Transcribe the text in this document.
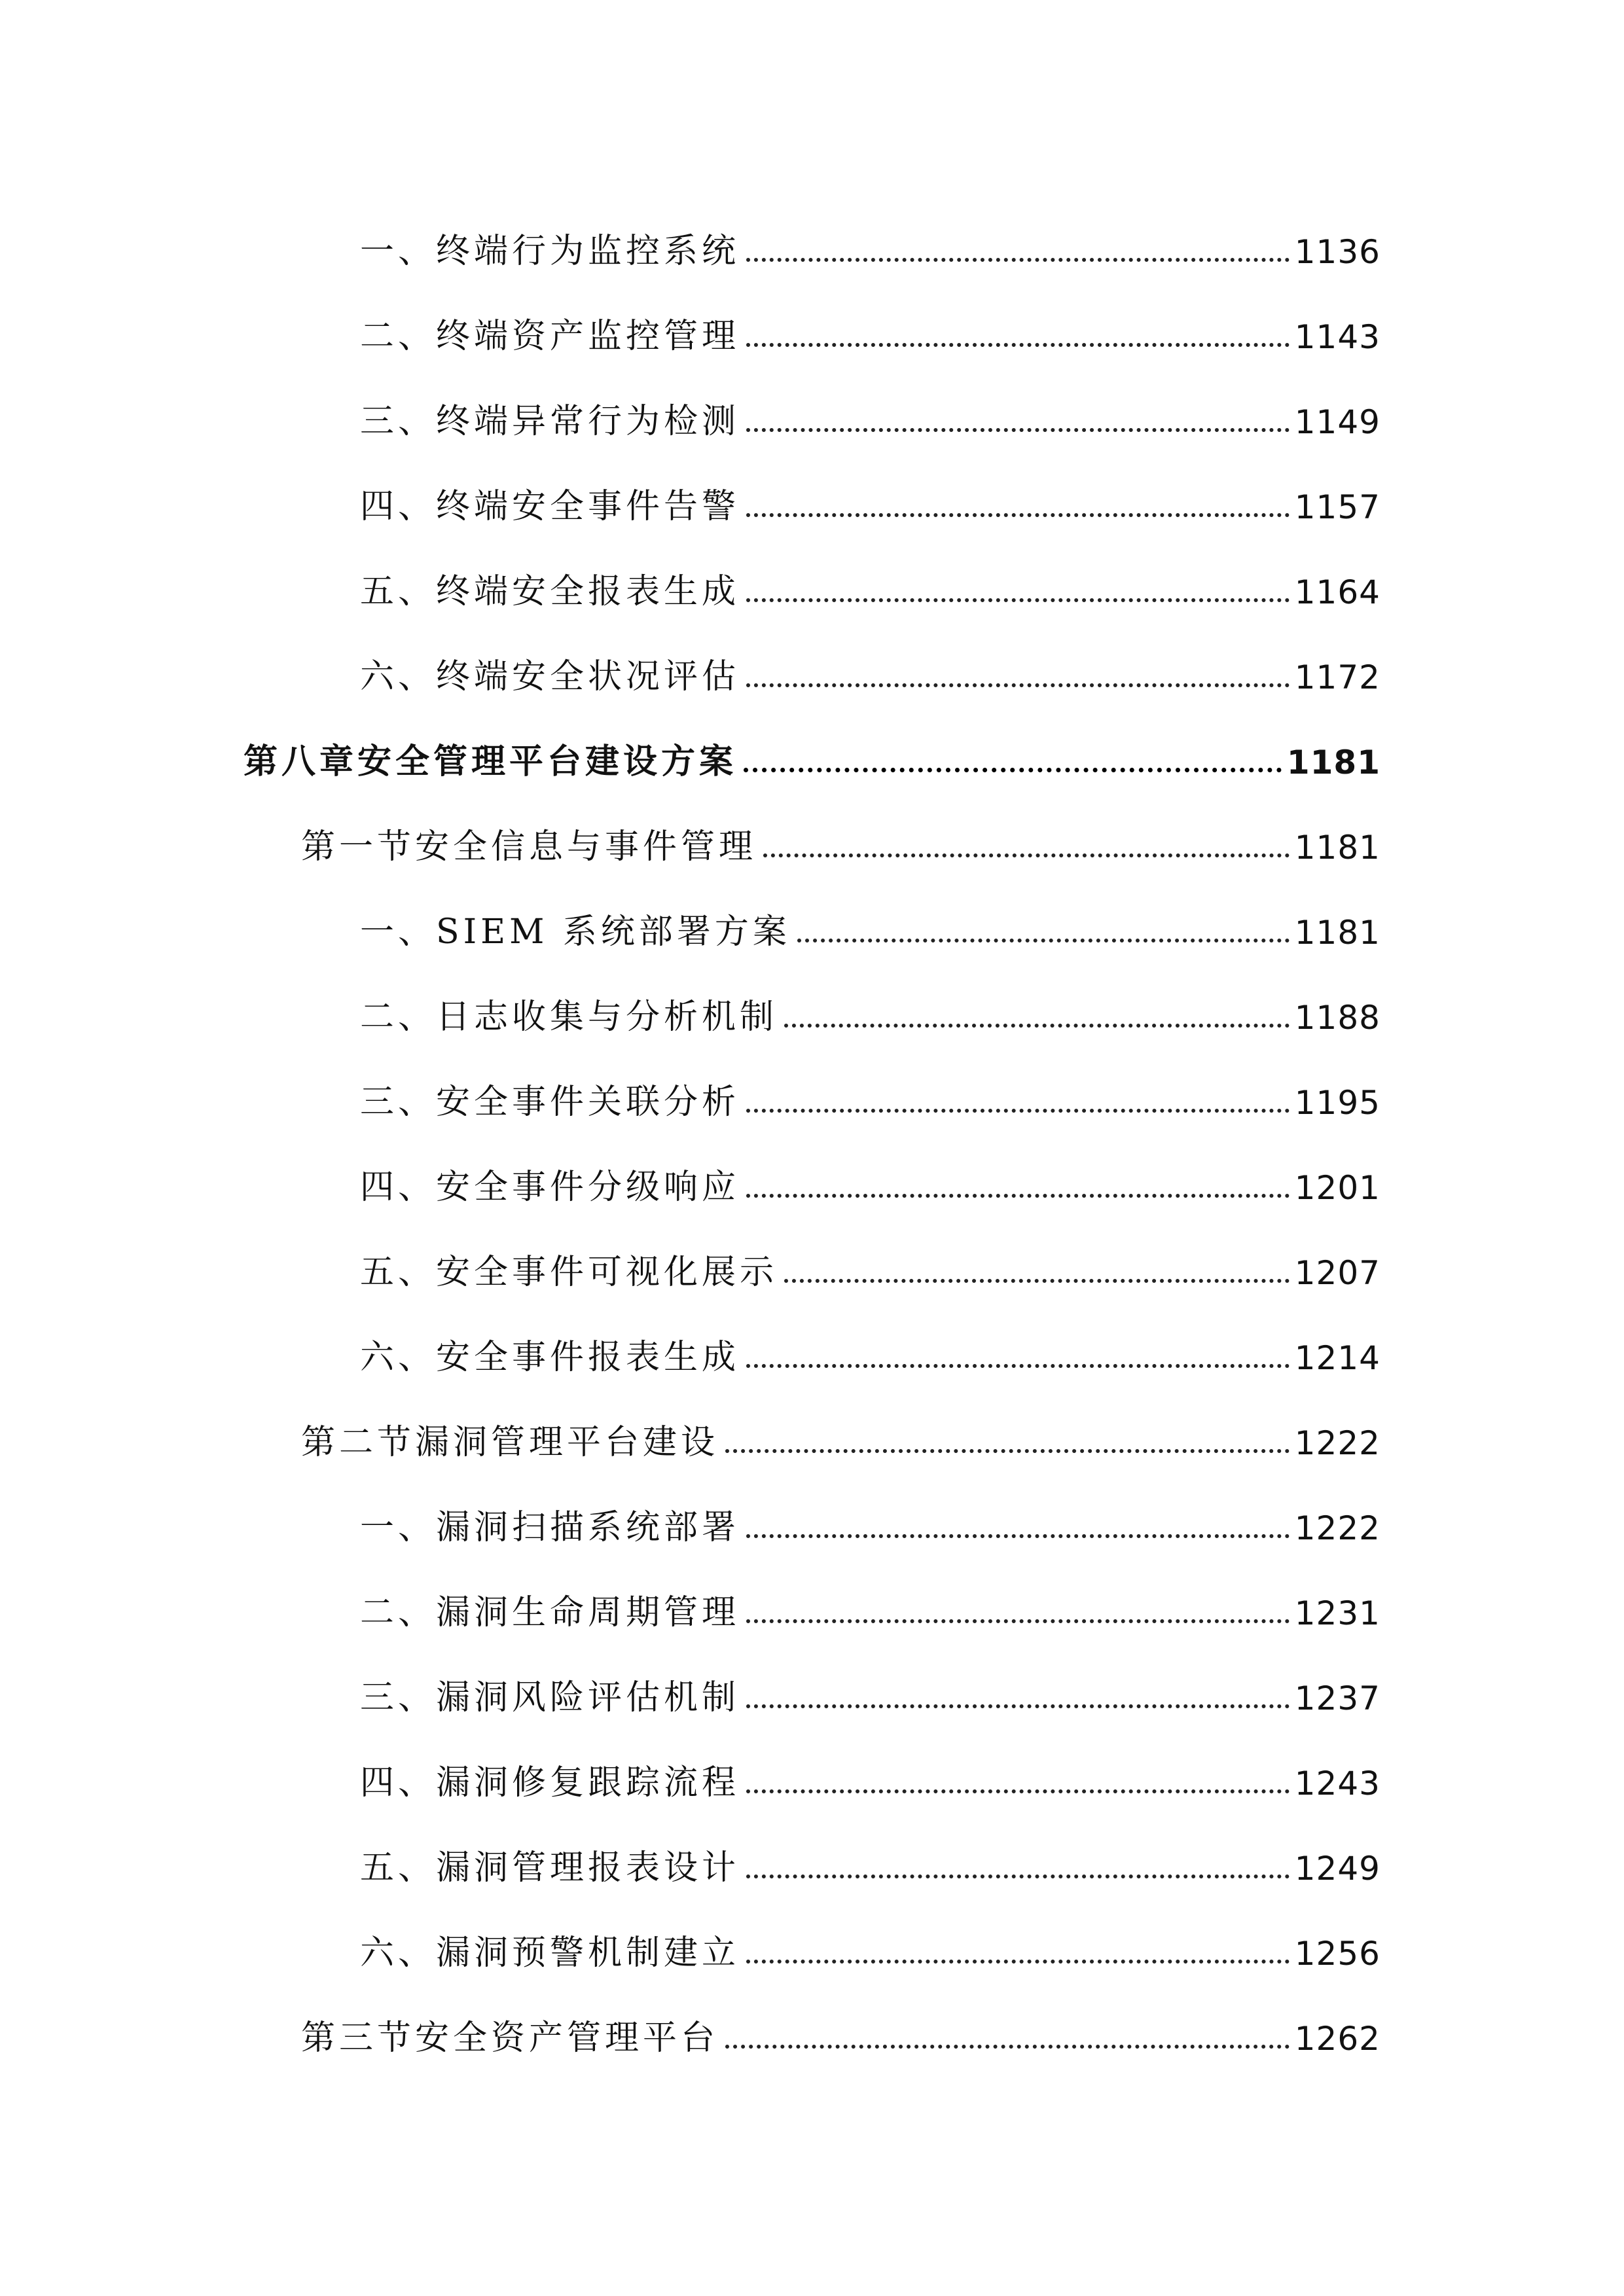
一、终端行为监控系统	1136
二、终端资产监控管理	1143
三、终端异常行为检测	1149
四、终端安全事件告警	1157
五、终端安全报表生成	1164
六、终端安全状况评估	1172
第八章安全管理平台建设方案	1181
第一节安全信息与事件管理	1181
一、SIEM 系统部署方案	1181
二、日志收集与分析机制	1188
三、安全事件关联分析	1195
四、安全事件分级响应	1201
五、安全事件可视化展示	1207
六、安全事件报表生成	1214
第二节漏洞管理平台建设	1222
一、漏洞扫描系统部署	1222
二、漏洞生命周期管理	1231
三、漏洞风险评估机制	1237
四、漏洞修复跟踪流程	1243
五、漏洞管理报表设计	1249
六、漏洞预警机制建立	1256
第三节安全资产管理平台	1262
